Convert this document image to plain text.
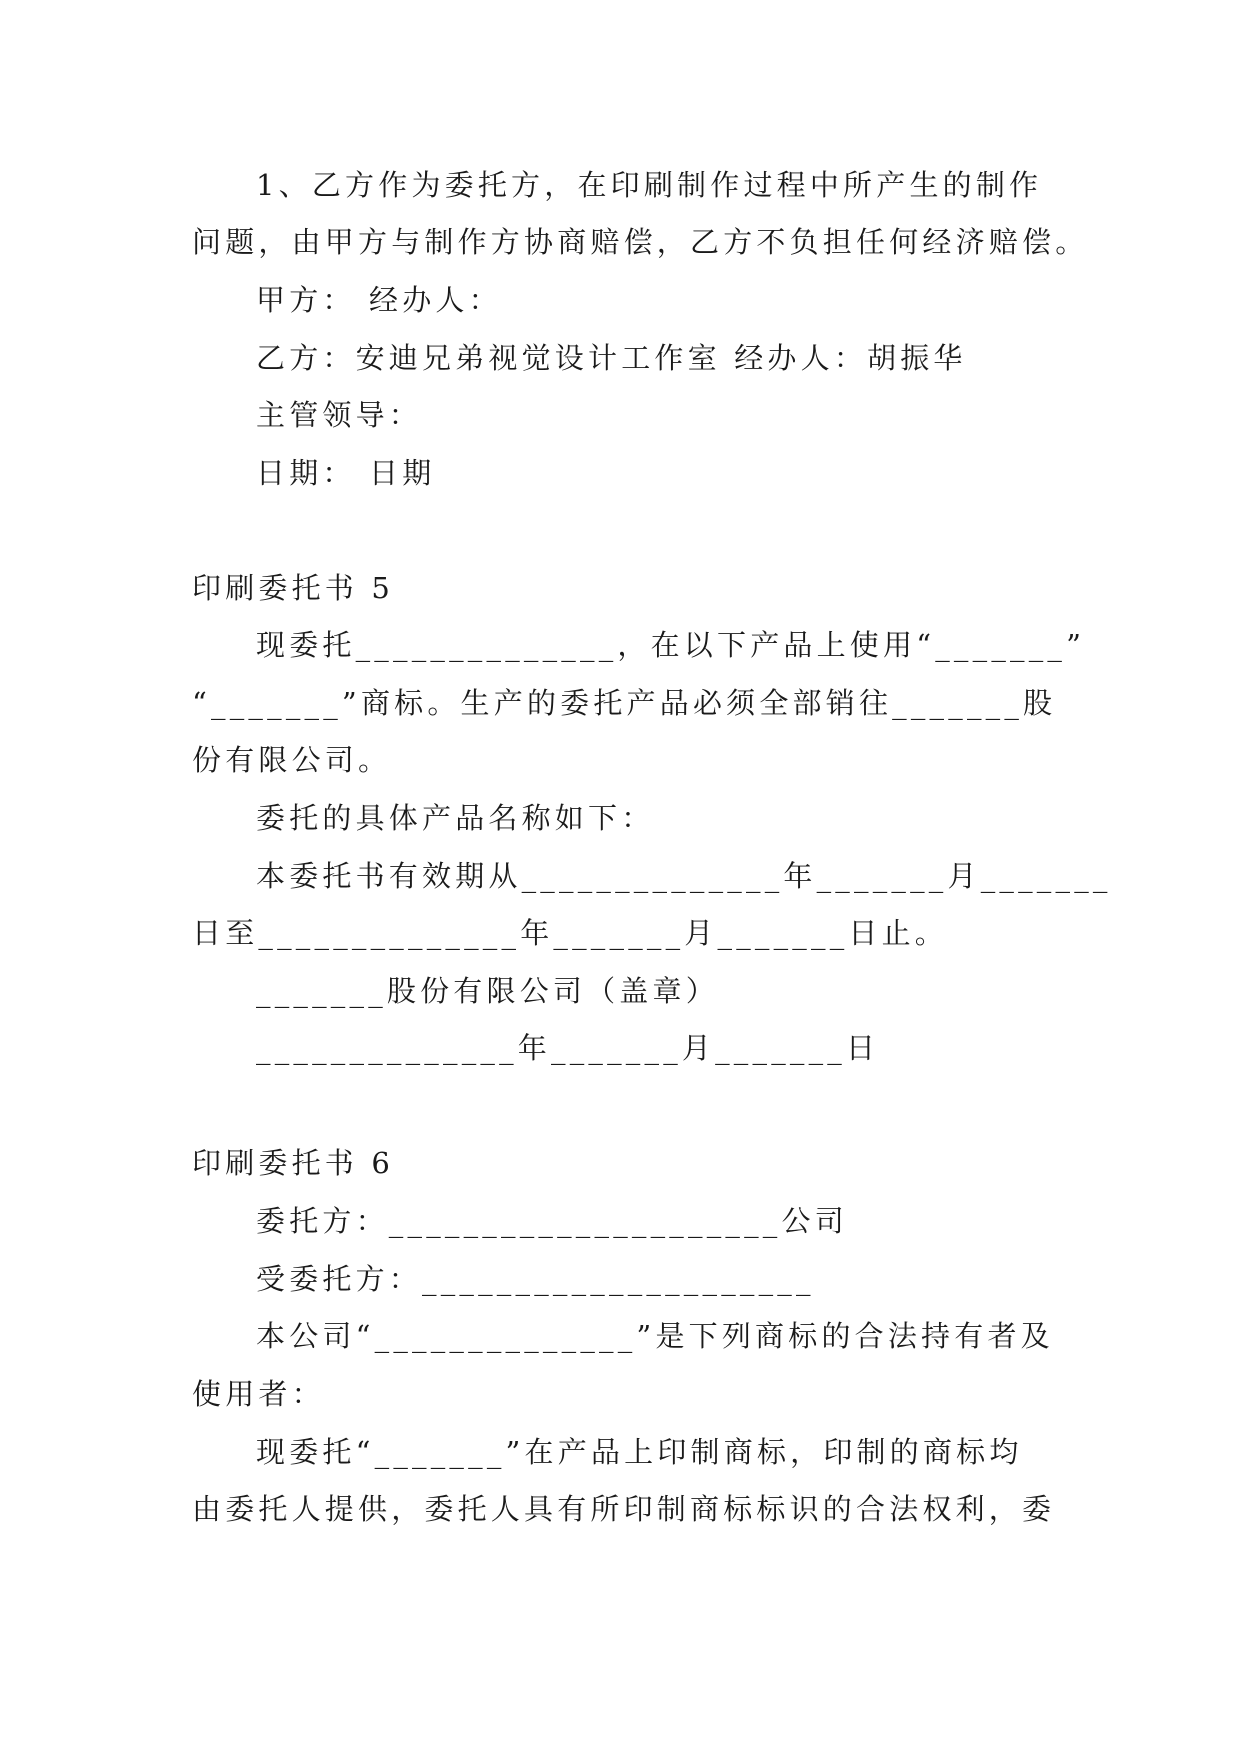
1、乙方作为委托方，在印刷制作过程中所产生的制作

问题，由甲方与制作方协商赔偿，乙方不负担任何经济赔偿。

甲方： 经办人：

乙方：安迪兄弟视觉设计工作室 经办人：胡振华

主管领导：

日期： 日期

印刷委托书 5

现委托______________，在以下产品上使用“_______”

“_______”商标。生产的委托产品必须全部销往_______股

份有限公司。

委托的具体产品名称如下：

本委托书有效期从______________年_______月_______

日至______________年_______月_______日止。

_______股份有限公司（盖章）

______________年_______月_______日

印刷委托书 6

委托方：_____________________公司

受委托方：_____________________

本公司“______________”是下列商标的合法持有者及

使用者：

现委托“_______”在产品上印制商标，印制的商标均

由委托人提供，委托人具有所印制商标标识的合法权利，委
